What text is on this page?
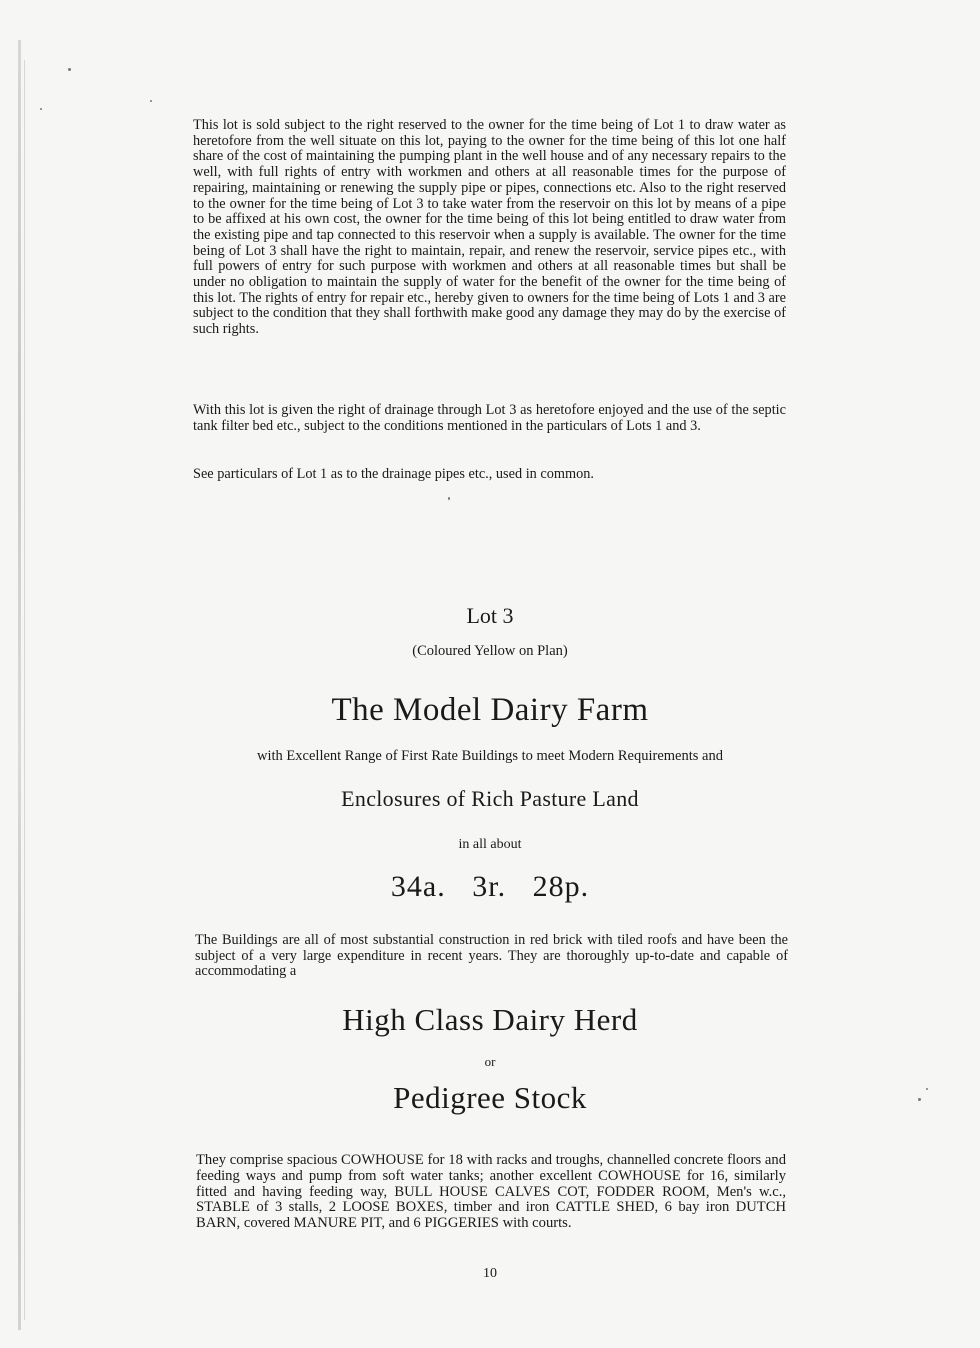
This lot is sold subject to the right reserved to the owner for the time being of Lot 1 to draw water as heretofore from the well situate on this lot, paying to the owner for the time being of this lot one half share of the cost of maintaining the pumping plant in the well house and of any necessary repairs to the well, with full rights of entry with workmen and others at all reasonable times for the purpose of repairing, maintaining or renewing the supply pipe or pipes, connections etc. Also to the right reserved to the owner for the time being of Lot 3 to take water from the reservoir on this lot by means of a pipe to be affixed at his own cost, the owner for the time being of this lot being entitled to draw water from the existing pipe and tap connected to this reservoir when a supply is available. The owner for the time being of Lot 3 shall have the right to maintain, repair, and renew the reservoir, service pipes etc., with full powers of entry for such purpose with workmen and others at all reasonable times but shall be under no obligation to maintain the supply of water for the benefit of the owner for the time being of this lot. The rights of entry for repair etc., hereby given to owners for the time being of Lots 1 and 3 are subject to the condition that they shall forthwith make good any damage they may do by the exercise of such rights.

With this lot is given the right of drainage through Lot 3 as heretofore enjoyed and the use of the septic tank filter bed etc., subject to the conditions mentioned in the particulars of Lots 1 and 3.

See particulars of Lot 1 as to the drainage pipes etc., used in common.

Lot 3

(Coloured Yellow on Plan)

The Model Dairy Farm

with Excellent Range of First Rate Buildings to meet Modern Requirements and

Enclosures of Rich Pasture Land

in all about

34a. 3r. 28p.

The Buildings are all of most substantial construction in red brick with tiled roofs and have been the subject of a very large expenditure in recent years. They are thoroughly up-to-date and capable of accommodating a

High Class Dairy Herd

or

Pedigree Stock

They comprise spacious COWHOUSE for 18 with racks and troughs, channelled concrete floors and feeding ways and pump from soft water tanks; another excellent COWHOUSE for 16, similarly fitted and having feeding way, BULL HOUSE CALVES COT, FODDER ROOM, Men's w.c., STABLE of 3 stalls, 2 LOOSE BOXES, timber and iron CATTLE SHED, 6 bay iron DUTCH BARN, covered MANURE PIT, and 6 PIGGERIES with courts.

10
